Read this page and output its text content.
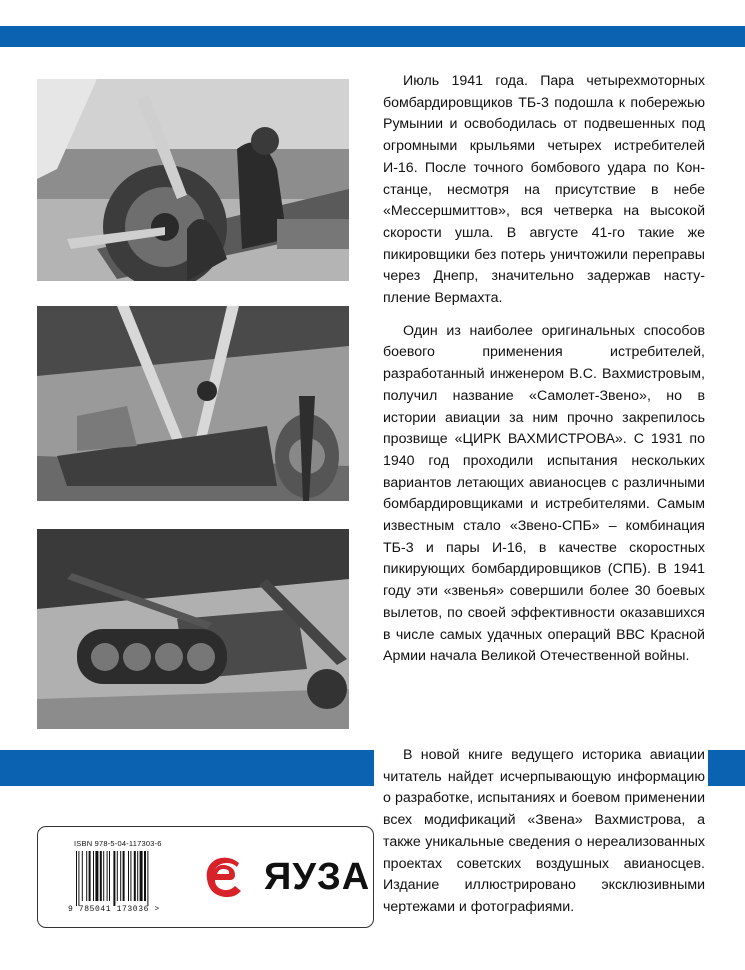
Июль 1941 года. Пара четырехмоторных бомбардировщиков ТБ-3 подошла к побережью Румынии и освободилась от подвешенных под огромными крыльями четырех истребителей И-16. После точного бомбового удара по Констанце, несмотря на присутствие в небе «Мессершмиттов», вся четверка на высокой скорости ушла. В августе 41-го такие же пикировщики без потерь уничтожили переправы через Днепр, значительно задержав наступление Вермахта.

Один из наиболее оригинальных способов боевого применения истребителей, разработанный инженером В.С. Вахмистровым, получил название «Самолет-Звено», но в истории авиации за ним прочно закрепилось прозвище «ЦИРК ВАХМИСТРОВА». С 1931 по 1940 год проходили испытания нескольких вариантов летающих авианосцев с различными бомбардировщиками и истребителями. Самым известным стало «Звено-СПБ» – комбинация ТБ-3 и пары И-16, в качестве скоростных пикирующих бомбардировщиков (СПБ). В 1941 году эти «звенья» совершили более 30 боевых вылетов, по своей эффективности оказавшихся в числе самых удачных операций ВВС Красной Армии начала Великой Отечественной войны.

В новой книге ведущего историка авиации читатель найдет исчерпывающую информацию о разработке, испытаниях и боевом применении всех модификаций «Звена» Вахмистрова, а также уникальные сведения о нереализованных проектах советских воздушных авианосцев. Издание иллюстрировано эксклюзивными чертежами и фотографиями.

ISBN 978-5-04-117303-6
9 785041 173036 >
ЯУЗА
